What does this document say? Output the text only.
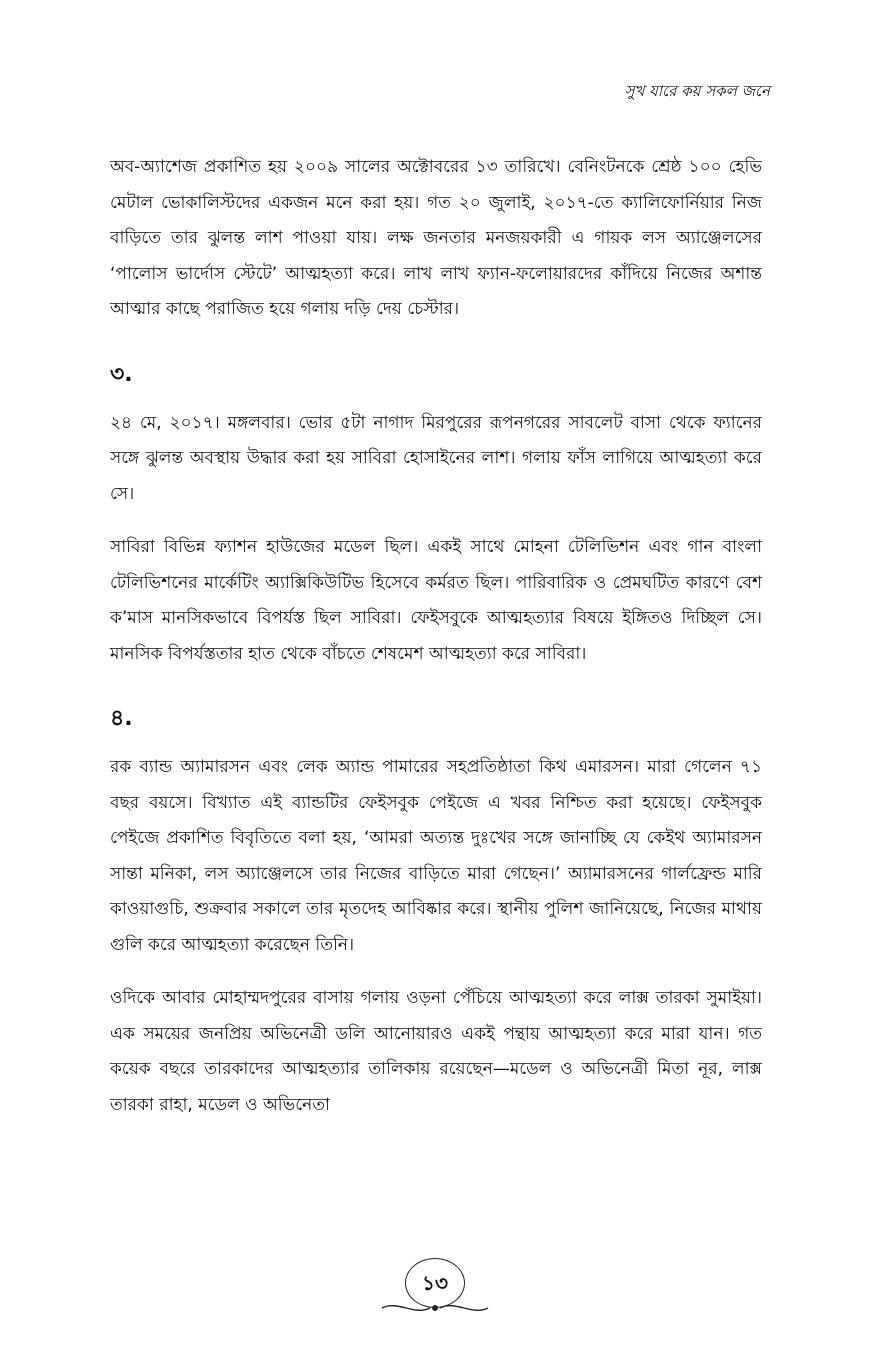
সুখ যারে কয় সকল জনে

অব-অ্যাশেজ প্রকাশিত হয় ২০০৯ সালের অক্টোবরের ১৩ তারিখে। বেনিংটনকে শ্রেষ্ঠ ১০০ হেভি মেটাল ভোকালিস্টদের একজন মনে করা হয়। গত ২০ জুলাই, ২০১৭-তে ক্যালিফোর্নিয়ার নিজ বাড়িতে তার ঝুলন্ত লাশ পাওয়া যায়। লক্ষ জনতার মনজয়কারী এ গায়ক লস অ্যাঞ্জেলসের ‘পালোস ভার্দোস স্টেটে’ আত্মহত্যা করে। লাখ লাখ ফ্যান-ফলোয়ারদের কাঁদিয়ে নিজের অশান্ত আত্মার কাছে পরাজিত হয়ে গলায় দড়ি দেয় চেস্টার।

৩.

২৪ মে, ২০১৭। মঙ্গলবার। ভোর ৫টা নাগাদ মিরপুরের রূপনগরের সাবলেট বাসা থেকে ফ্যানের সঙ্গে ঝুলন্ত অবস্থায় উদ্ধার করা হয় সাবিরা হোসাইনের লাশ। গলায় ফাঁস লাগিয়ে আত্মহত্যা করে সে।

সাবিরা বিভিন্ন ফ্যাশন হাউজের মডেল ছিল। একই সাথে মোহনা টেলিভিশন এবং গান বাংলা টেলিভিশনের মার্কেটিং অ্যাক্সিকিউটিভ হিসেবে কর্মরত ছিল। পারিবারিক ও প্রেমঘটিত কারণে বেশ ক’মাস মানসিকভাবে বিপর্যস্ত ছিল সাবিরা। ফেইসবুকে আত্মহত্যার বিষয়ে ইঙ্গিতও দিচ্ছিল সে। মানসিক বিপর্যস্ততার হাত থেকে বাঁচতে শেষমেশ আত্মহত্যা করে সাবিরা।

৪.

রক ব্যান্ড অ্যামারসন এবং লেক অ্যান্ড পামারের সহপ্রতিষ্ঠাতা কিথ এমারসন। মারা গেলেন ৭১ বছর বয়সে। বিখ্যাত এই ব্যান্ডটির ফেইসবুক পেইজে এ খবর নিশ্চিত করা হয়েছে। ফেইসবুক পেইজে প্রকাশিত বিবৃতিতে বলা হয়, ‘আমরা অত্যন্ত দুঃখের সঙ্গে জানাচ্ছি যে কেইথ অ্যামারসন সান্তা মনিকা, লস অ্যাঞ্জেলসে তার নিজের বাড়িতে মারা গেছেন।’ অ্যামারসনের গার্লফ্রেন্ড মারি কাওয়াগুচি, শুক্রবার সকালে তার মৃতদেহ আবিষ্কার করে। স্থানীয় পুলিশ জানিয়েছে, নিজের মাথায় গুলি করে আত্মহত্যা করেছেন তিনি।

ওদিকে আবার মোহাম্মদপুরের বাসায় গলায় ওড়না পেঁচিয়ে আত্মহত্যা করে লাক্স তারকা সুমাইয়া। এক সময়ের জনপ্রিয় অভিনেত্রী ডলি আনোয়ারও একই পন্থায় আত্মহত্যা করে মারা যান। গত কয়েক বছরে তারকাদের আত্মহত্যার তালিকায় রয়েছেন—মডেল ও অভিনেত্রী মিতা নূর, লাক্স তারকা রাহা, মডেল ও অভিনেতা

১৩
